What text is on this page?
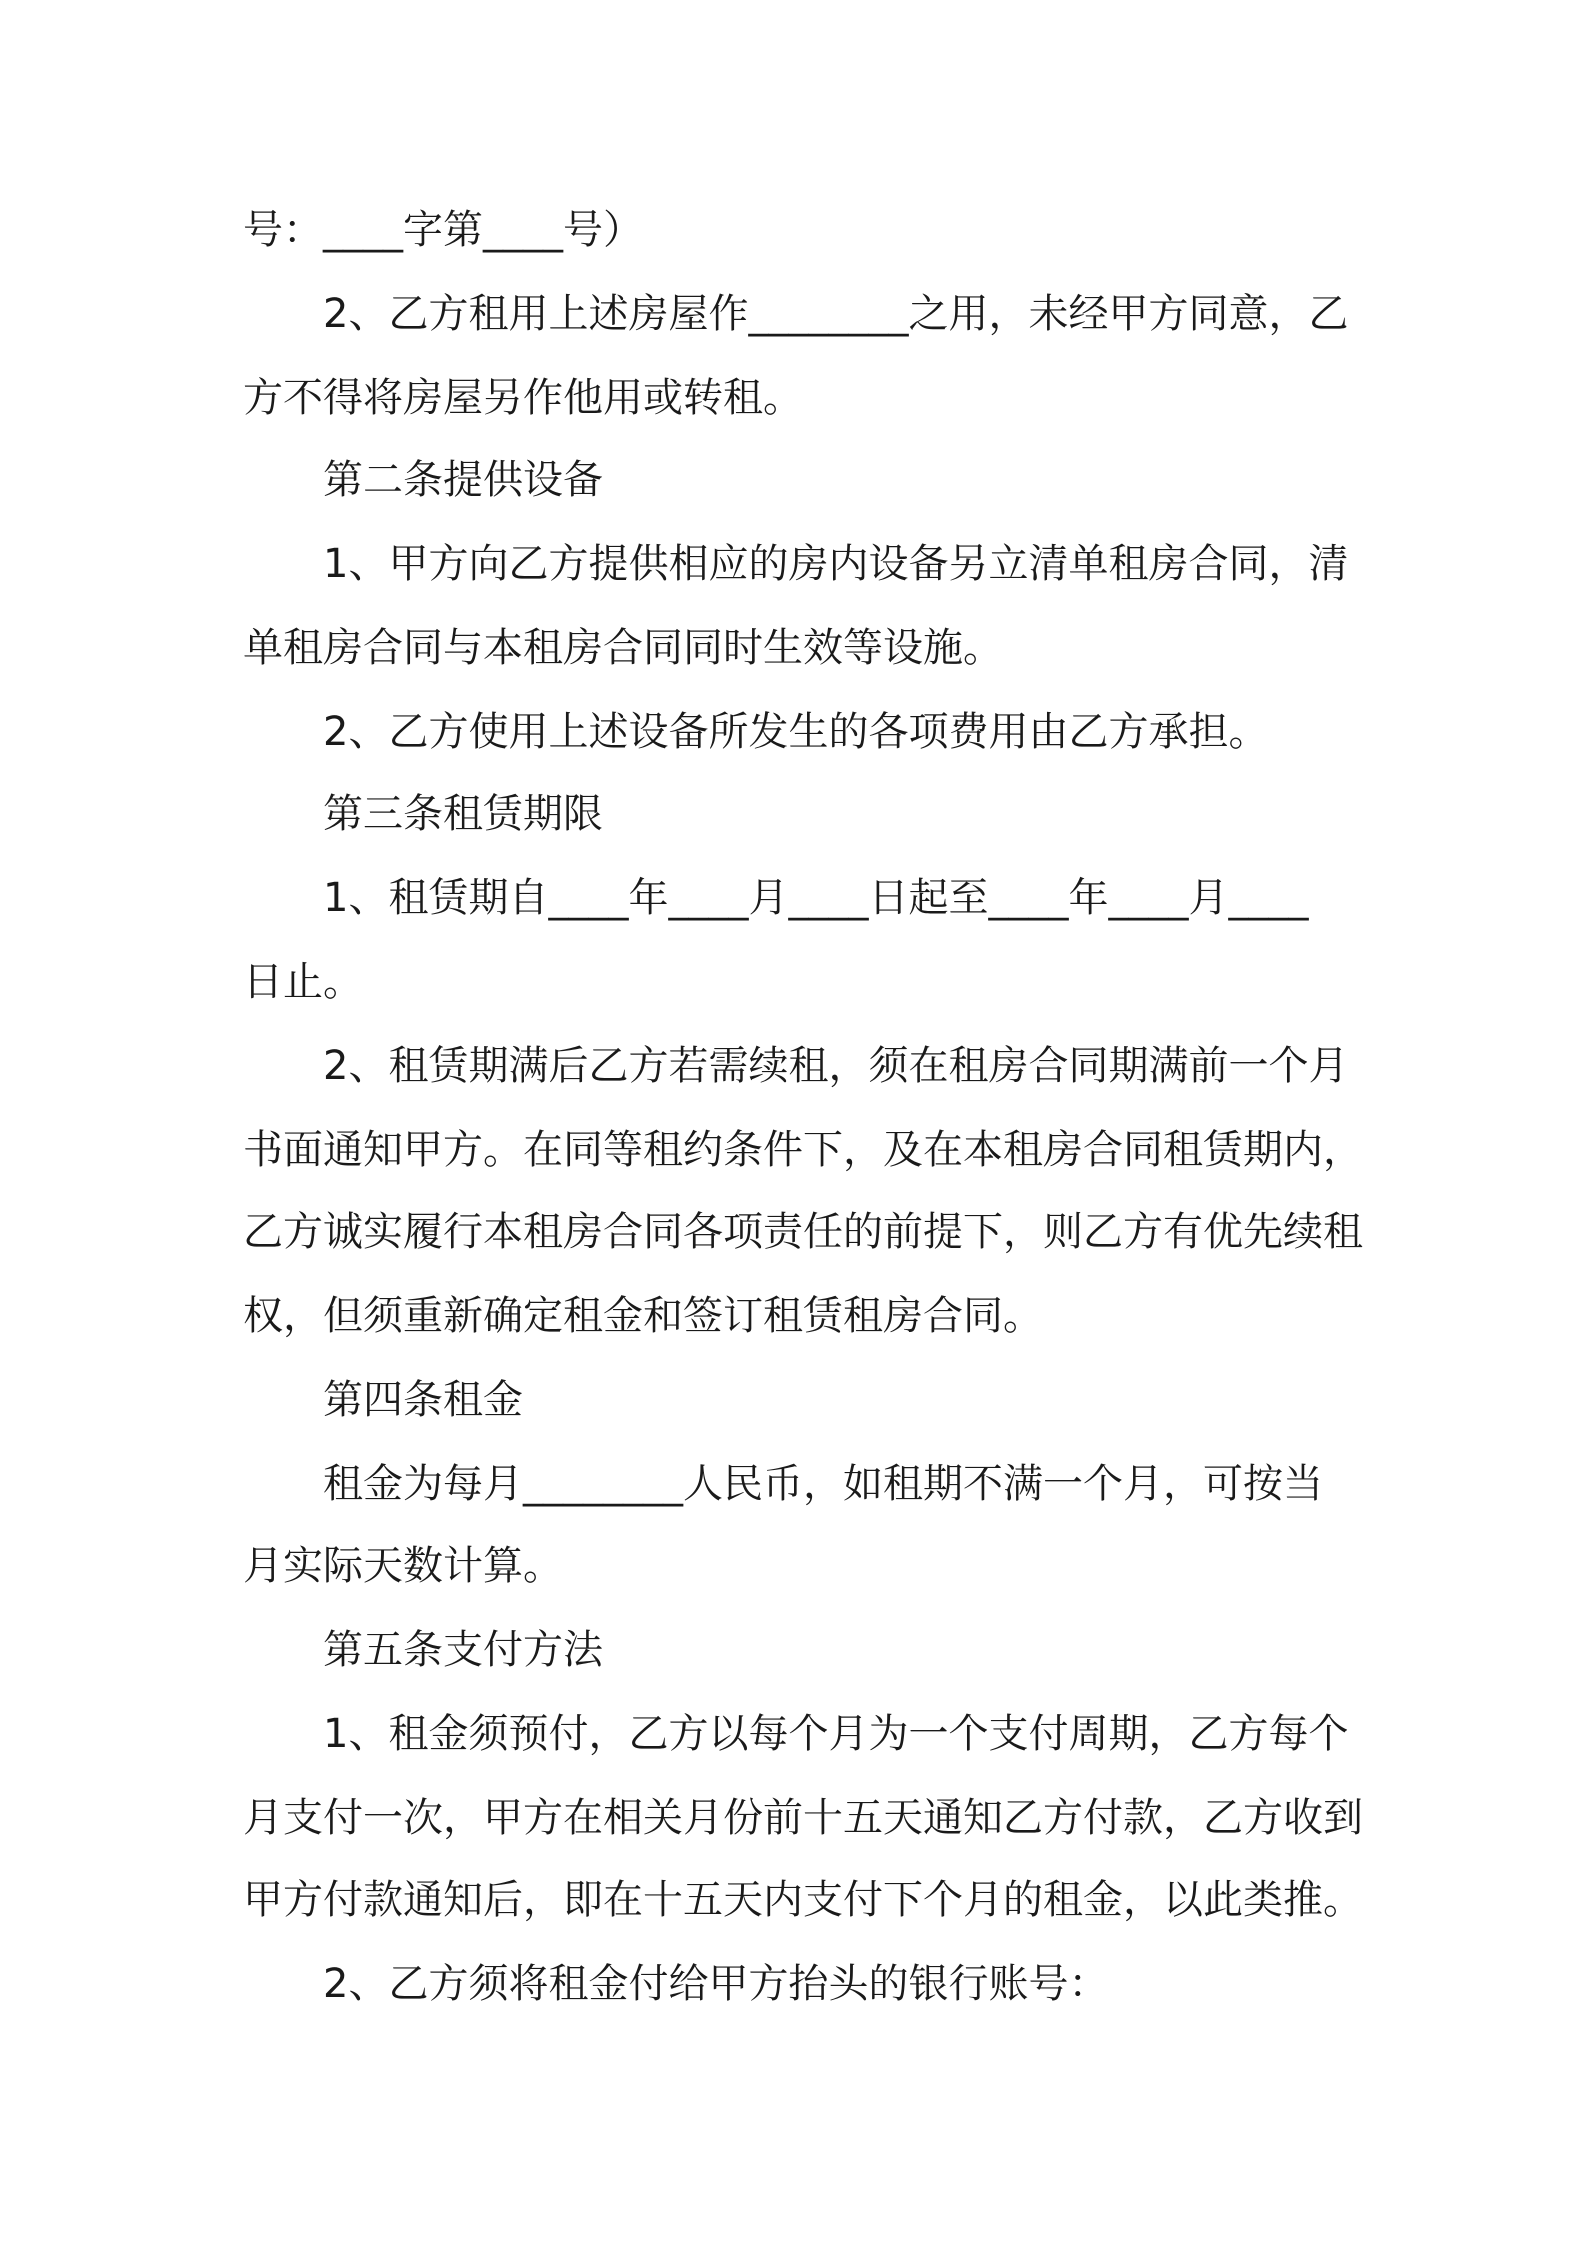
号：____字第____号）
2、乙方租用上述房屋作________之用，未经甲方同意，乙
方不得将房屋另作他用或转租。
第二条提供设备
1、甲方向乙方提供相应的房内设备另立清单租房合同，清
单租房合同与本租房合同同时生效等设施。
2、乙方使用上述设备所发生的各项费用由乙方承担。
第三条租赁期限
1、租赁期自____年____月____日起至____年____月____
日止。
2、租赁期满后乙方若需续租，须在租房合同期满前一个月
书面通知甲方。在同等租约条件下，及在本租房合同租赁期内，
乙方诚实履行本租房合同各项责任的前提下，则乙方有优先续租
权，但须重新确定租金和签订租赁租房合同。
第四条租金
租金为每月________人民币，如租期不满一个月，可按当
月实际天数计算。
第五条支付方法
1、租金须预付，乙方以每个月为一个支付周期，乙方每个
月支付一次，甲方在相关月份前十五天通知乙方付款，乙方收到
甲方付款通知后，即在十五天内支付下个月的租金，以此类推。
2、乙方须将租金付给甲方抬头的银行账号：
